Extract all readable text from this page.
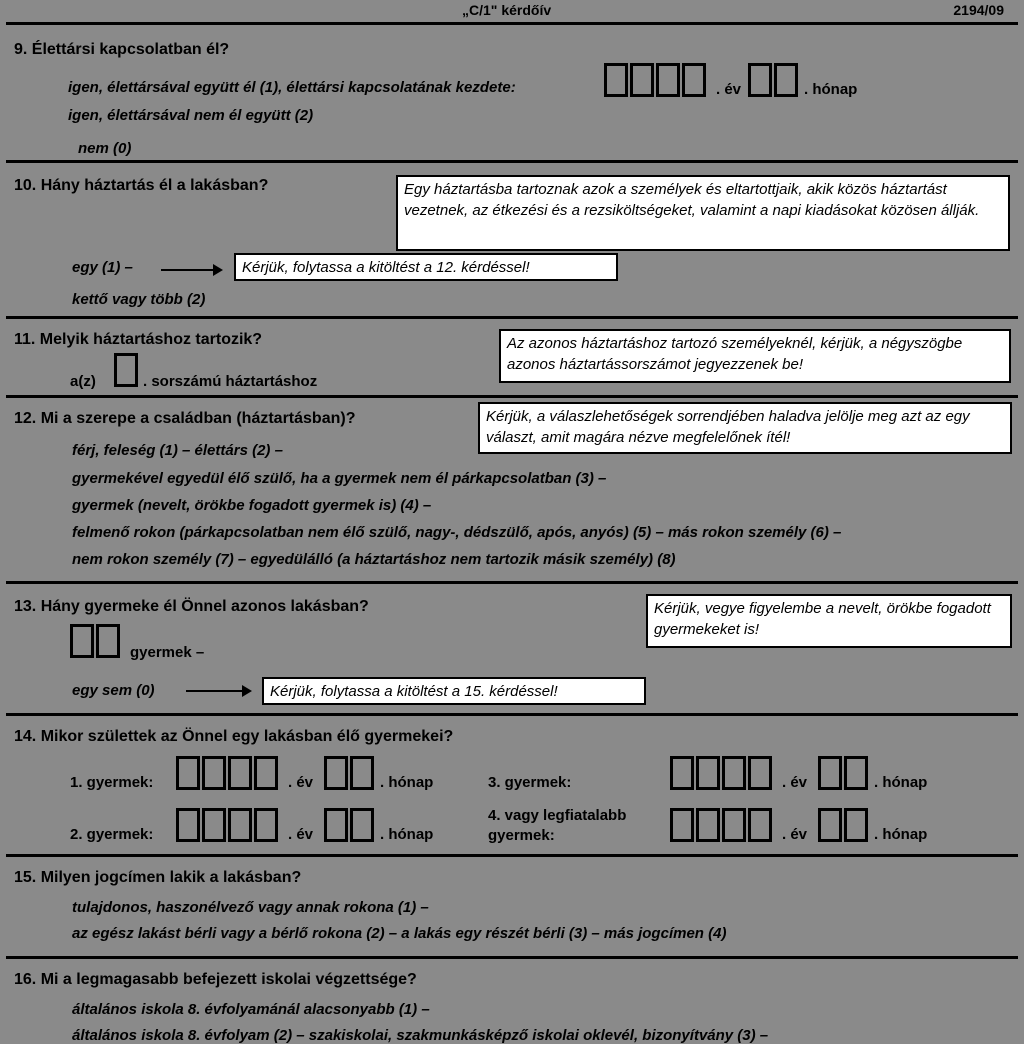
„C/1" kérdőív	2194/09
9. Élettársi kapcsolatban él?
igen, élettársával együtt él (1), élettársi kapcsolatának kezdete:	. év	. hónap
igen, élettársával nem él együtt (2)
nem (0)
10. Hány háztartás él a lakásban?	Egy háztartásba tartoznak azok a személyek és eltartottjaik, akik közös háztartást vezetnek, az étkezési és a rezsiköltségeket, valamint a napi kiadásokat közösen állják.
egy (1) –	Kérjük, folytassa a kitöltést a 12. kérdéssel!
kettő vagy több (2)
11. Melyik háztartáshoz tartozik?	Az azonos háztartáshoz tartozó személyeknél, kérjük, a négyszögbe azonos háztartássorszámot jegyezzenek be!
a(z)	. sorszámú háztartáshoz
12. Mi a szerepe a családban (háztartásban)?	Kérjük, a válaszlehetőségek sorrendjében haladva jelölje meg azt az egy választ, amit magára nézve megfelelőnek ítél!
férj, feleség (1) – élettárs (2) –
gyermekével egyedül élő szülő, ha a gyermek nem él párkapcsolatban (3) –
gyermek (nevelt, örökbe fogadott gyermek is) (4) –
felmenő rokon (párkapcsolatban nem élő szülő, nagy-, dédszülő, após, anyós) (5) – más rokon személy (6) –
nem rokon személy (7) – egyedülálló (a háztartáshoz nem tartozik másik személy) (8)
13. Hány gyermeke él Önnel azonos lakásban?	Kérjük, vegye figyelembe a nevelt, örökbe fogadott gyermekeket is!
gyermek –
egy sem (0)	Kérjük, folytassa a kitöltést a 15. kérdéssel!
14. Mikor születtek az Önnel egy lakásban élő gyermekei?
1. gyermek:	. év	. hónap
2. gyermek:	. év	. hónap
3. gyermek:	. év	. hónap
4. vagy legfiatalabb gyermek:	. év	. hónap
15. Milyen jogcímen lakik a lakásban?
tulajdonos, haszonélvező vagy annak rokona (1) –
az egész lakást bérli vagy a bérlő rokona (2) – a lakás egy részét bérli (3) – más jogcímen (4)
16. Mi a legmagasabb befejezett iskolai végzettsége?
általános iskola 8. évfolyamánál alacsonyabb (1) –
általános iskola 8. évfolyam (2) – szakiskolai, szakmunkásképző iskolai oklevél, bizonyítvány (3) –
